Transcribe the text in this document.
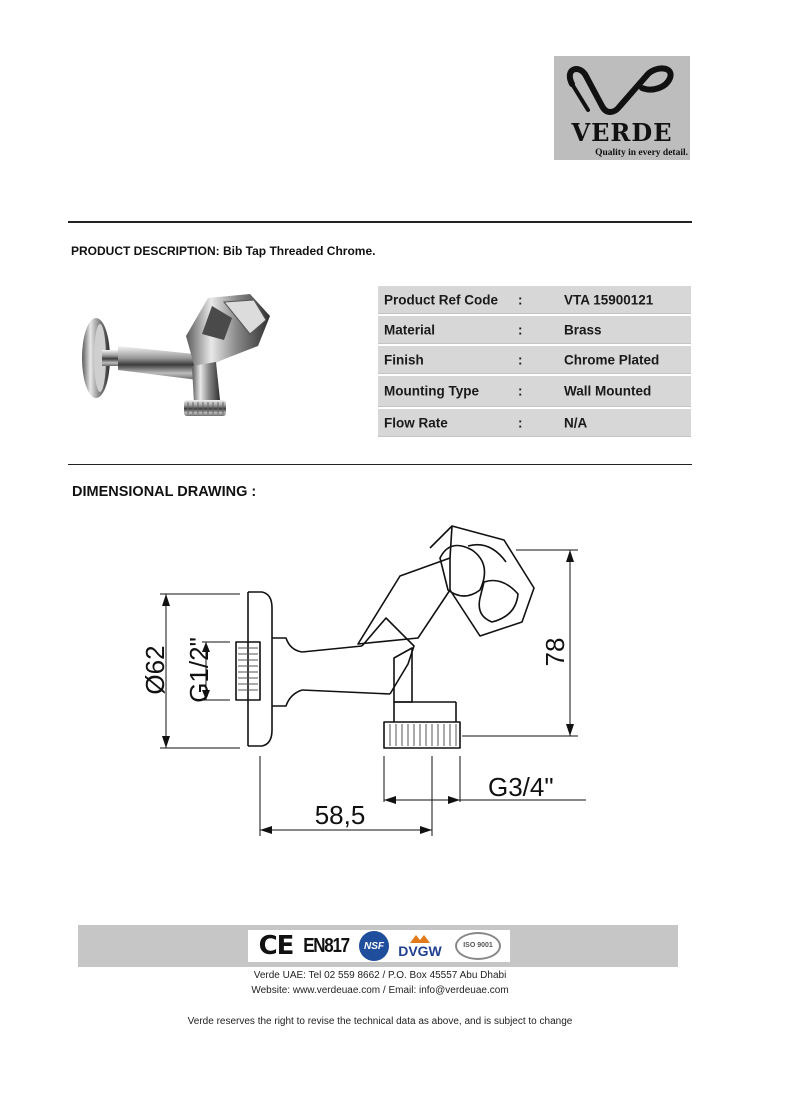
VERDE
Quality in every detail.
PRODUCT DESCRIPTION: Bib Tap Threaded Chrome.
Product Ref Code :	VTA 15900121
Material	:	Brass
Finish	:	Chrome Plated
Mounting Type	:	Wall Mounted
Flow Rate	:	N/A
DIMENSIONAL DRAWING :
Ø62 G1/2"	78
G3/4"
58,5
CE EN817	NSF	DVGW	ISO 9001
Verde UAE: Tel 02 559 8662 / P.O. Box 45557 Abu Dhabi
Website: www.verdeuae.com / Email: info@verdeuae.com
Verde reserves the right to revise the technical data as above, and is subject to change
